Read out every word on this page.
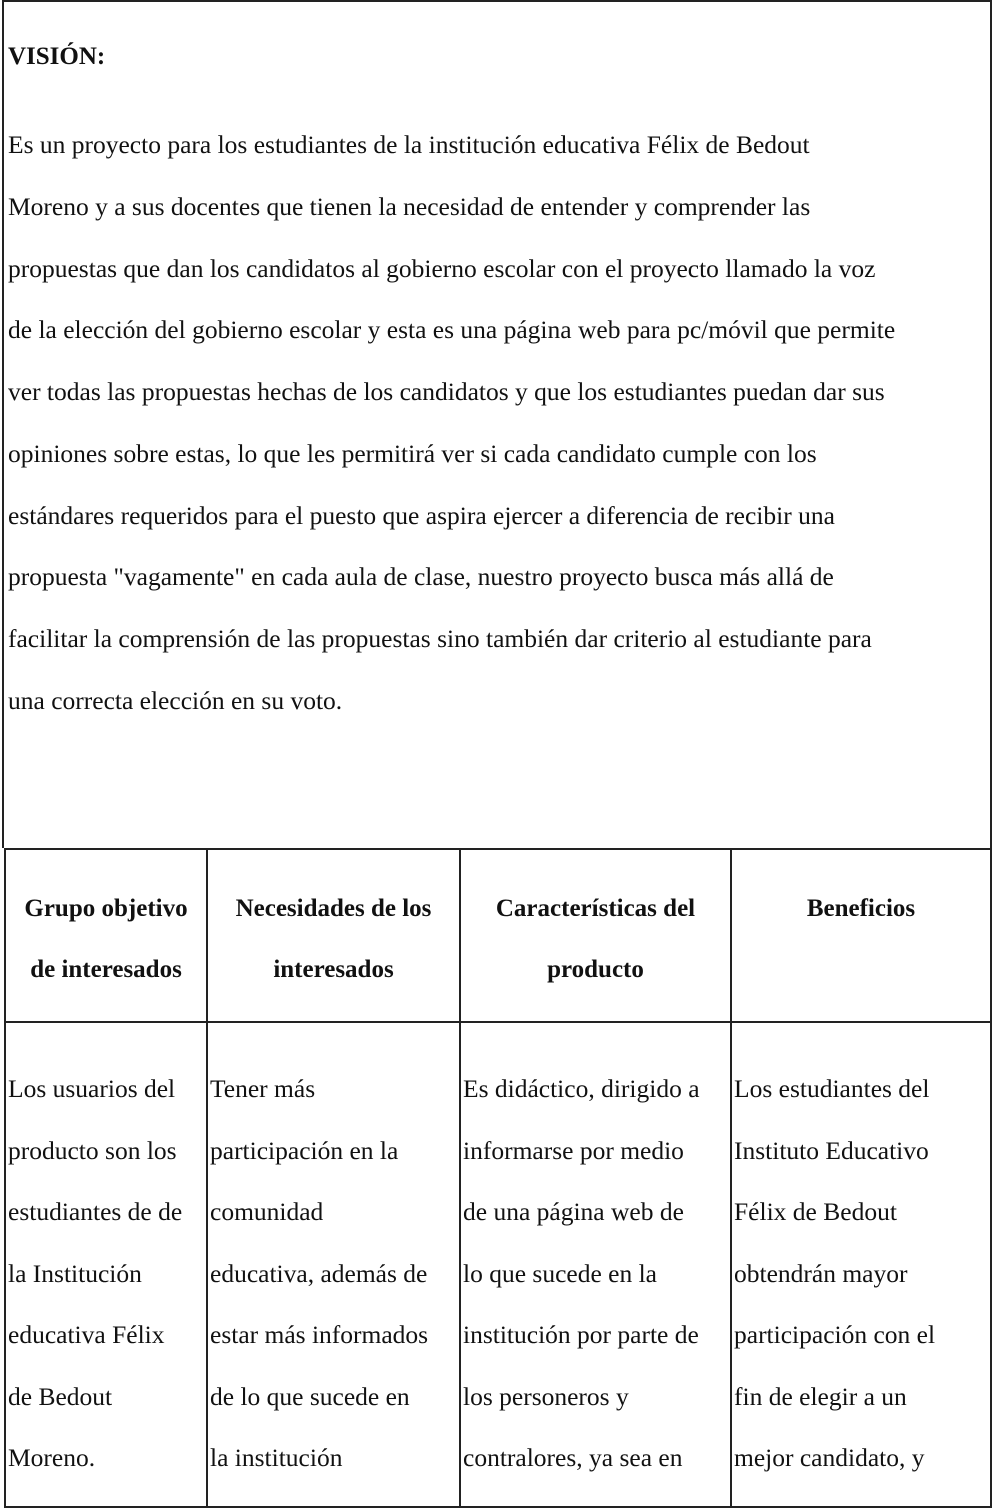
VISIÓN:

Es un proyecto para los estudiantes de la institución educativa Félix de Bedout

Moreno y a sus docentes que tienen la necesidad de entender y comprender las

propuestas que dan los candidatos al gobierno escolar con el proyecto llamado la voz

de la elección del gobierno escolar y esta es una página web para pc/móvil que permite

ver todas las propuestas hechas de los candidatos y que los estudiantes puedan dar sus

opiniones sobre estas, lo que les permitirá ver si cada candidato cumple con los

estándares requeridos para el puesto que aspira ejercer a diferencia de recibir una

propuesta "vagamente" en cada aula de clase, nuestro proyecto busca más allá de

facilitar la comprensión de las propuestas sino también dar criterio al estudiante para

una correcta elección en su voto.

Grupo objetivo
de interesados
Necesidades de los
interesados
Características del
producto
Beneficios
Los usuarios del
producto son los
estudiantes de de
la Institución
educativa Félix
de Bedout
Moreno.
Tener más
participación en la
comunidad
educativa, además de
estar más informados
de lo que sucede en
la institución
Es didáctico, dirigido a
informarse por medio
de una página web de
lo que sucede en la
institución por parte de
los personeros y
contralores, ya sea en
Los estudiantes del
Instituto Educativo
Félix de Bedout
obtendrán mayor
participación con el
fin de elegir a un
mejor candidato, y
